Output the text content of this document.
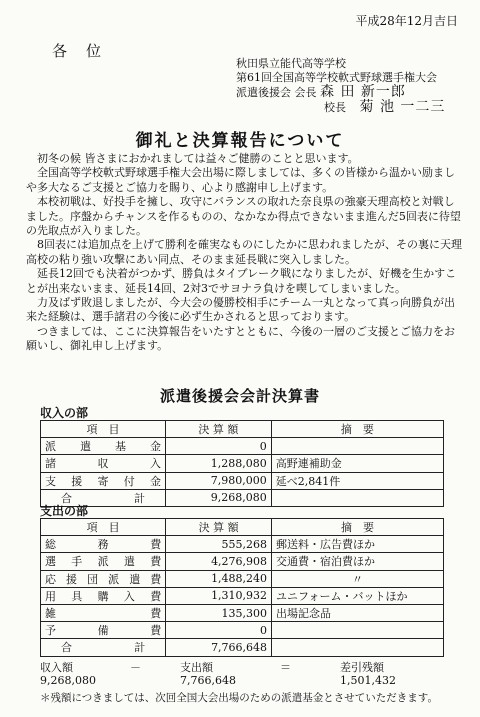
平成28年12月吉日
各　位
秋田県立能代高等学校
第61回全国高等学校軟式野球選手権大会
派遣後援会 会長 森 田 新一郎
校長 菊 池 一二三
御礼と決算報告について

初冬の候 皆さまにおかれましては益々ご健勝のことと思います。

全国高等学校軟式野球選手権大会出場に際しましては、多くの皆様から温かい励ましや多大なるご支援とご協力を賜り、心より感謝申し上げます。

本校初戦は、好投手を擁し、攻守にバランスの取れた奈良県の強豪天理高校と対戦しました。序盤からチャンスを作るものの、なかなか得点できないまま進んだ5回表に待望の先取点が入りました。

8回表には追加点を上げて勝利を確実なものにしたかに思われましたが、その裏に天理高校の粘り強い攻撃にあい同点、そのまま延長戦に突入しました。

延長12回でも決着がつかず、勝負はタイブレーク戦になりましたが、好機を生かすことが出来ないまま、延長14回、2対3でサヨナラ負けを喫してしまいました。

力及ばず敗退しましたが、今大会の優勝校相手にチーム一丸となって真っ向勝負が出来た経験は、選手諸君の今後に必ず生かされると思っております。

つきましては、ここに決算報告をいたすとともに、今後の一層のご支援とご協力をお願いし、御礼申し上げます。

派遣後援会会計決算書
収入の部
項　目	決 算 額	摘　要
派遣基金	0	
諸収入	1,288,080	高野連補助金
支援寄付金	7,980,000	延べ2,841件
合計	9,268,080	
支出の部
項　目	決 算 額	摘　要
総務費	555,268	郵送料・広告費ほか
選手派遣費	4,276,908	交通費・宿泊費ほか
応援団派遣費	1,488,240	〃
用具購入費	1,310,932	ユニフォーム・バットほか
雑費	135,300	出場記念品
予備費	0	
合計	7,766,648	
収入額	－	支出額	＝	差引残額
9,268,080	7,766,648	1,501,432
＊残額につきましては、次回全国大会出場のための派遣基金とさせていただきます。
